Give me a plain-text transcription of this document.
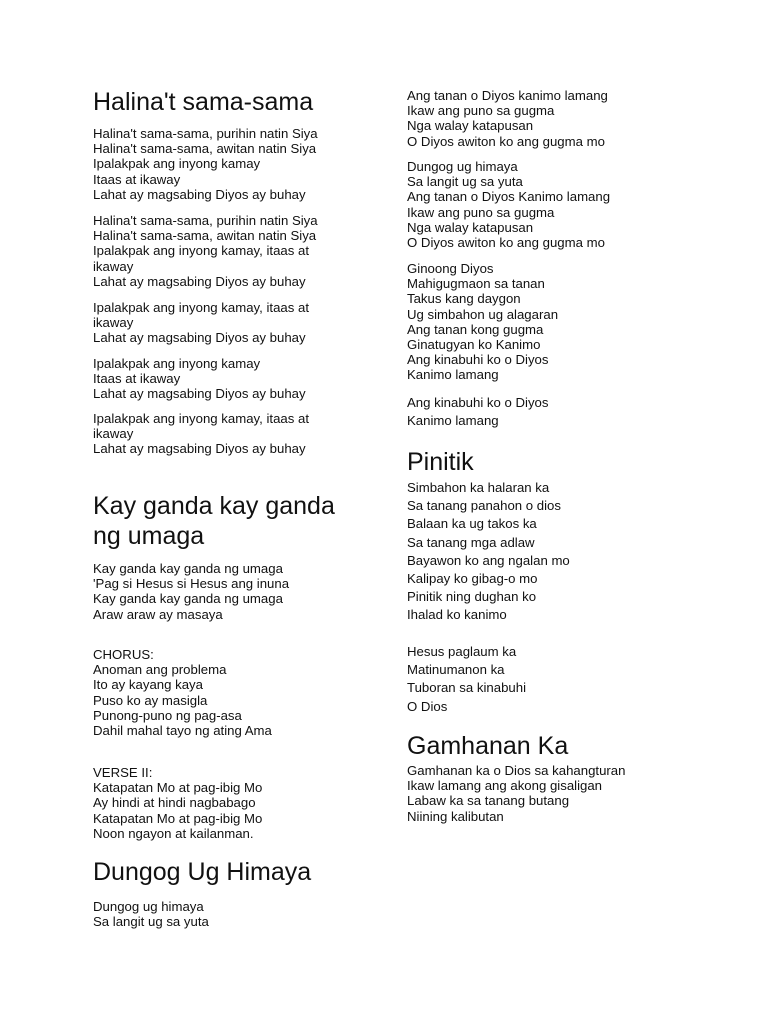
Halina't sama-sama
Halina't sama-sama, purihin natin Siya
Halina't sama-sama, awitan natin Siya
Ipalakpak ang inyong kamay
Itaas at ikaway
Lahat ay magsabing Diyos ay buhay
Halina't sama-sama, purihin natin Siya
Halina't sama-sama, awitan natin Siya
Ipalakpak ang inyong kamay, itaas at
ikaway
Lahat ay magsabing Diyos ay buhay
Ipalakpak ang inyong kamay, itaas at
ikaway
Lahat ay magsabing Diyos ay buhay
Ipalakpak ang inyong kamay
Itaas at ikaway
Lahat ay magsabing Diyos ay buhay
Ipalakpak ang inyong kamay, itaas at
ikaway
Lahat ay magsabing Diyos ay buhay
Kay ganda kay ganda
ng umaga
Kay ganda kay ganda ng umaga
'Pag si Hesus si Hesus ang inuna
Kay ganda kay ganda ng umaga
Araw araw ay masaya
CHORUS:
Anoman ang problema
Ito ay kayang kaya
Puso ko ay masigla
Punong-puno ng pag-asa
Dahil mahal tayo ng ating Ama
VERSE II:
Katapatan Mo at pag-ibig Mo
Ay hindi at hindi nagbabago
Katapatan Mo at pag-ibig Mo
Noon ngayon at kailanman.
Dungog Ug Himaya
Dungog ug himaya
Sa langit ug sa yuta
Ang tanan o Diyos kanimo lamang
Ikaw ang puno sa gugma
Nga walay katapusan
O Diyos awiton ko ang gugma mo
Dungog ug himaya
Sa langit ug sa yuta
Ang tanan o Diyos Kanimo lamang
Ikaw ang puno sa gugma
Nga walay katapusan
O Diyos awiton ko ang gugma mo
Ginoong Diyos
Mahigugmaon sa tanan
Takus kang daygon
Ug simbahon ug alagaran
Ang tanan kong gugma
Ginatugyan ko Kanimo
Ang kinabuhi ko o Diyos
Kanimo lamang
Ang kinabuhi ko o Diyos
Kanimo lamang
Pinitik
Simbahon ka halaran ka
Sa tanang panahon o dios
Balaan ka ug takos ka
Sa tanang mga adlaw
Bayawon ko ang ngalan mo
Kalipay ko gibag-o mo
Pinitik ning dughan ko
Ihalad ko kanimo
Hesus paglaum ka
Matinumanon ka
Tuboran sa kinabuhi
O Dios
Gamhanan Ka
Gamhanan ka o Dios sa kahangturan
Ikaw lamang ang akong gisaligan
Labaw ka sa tanang butang
Niining kalibutan
